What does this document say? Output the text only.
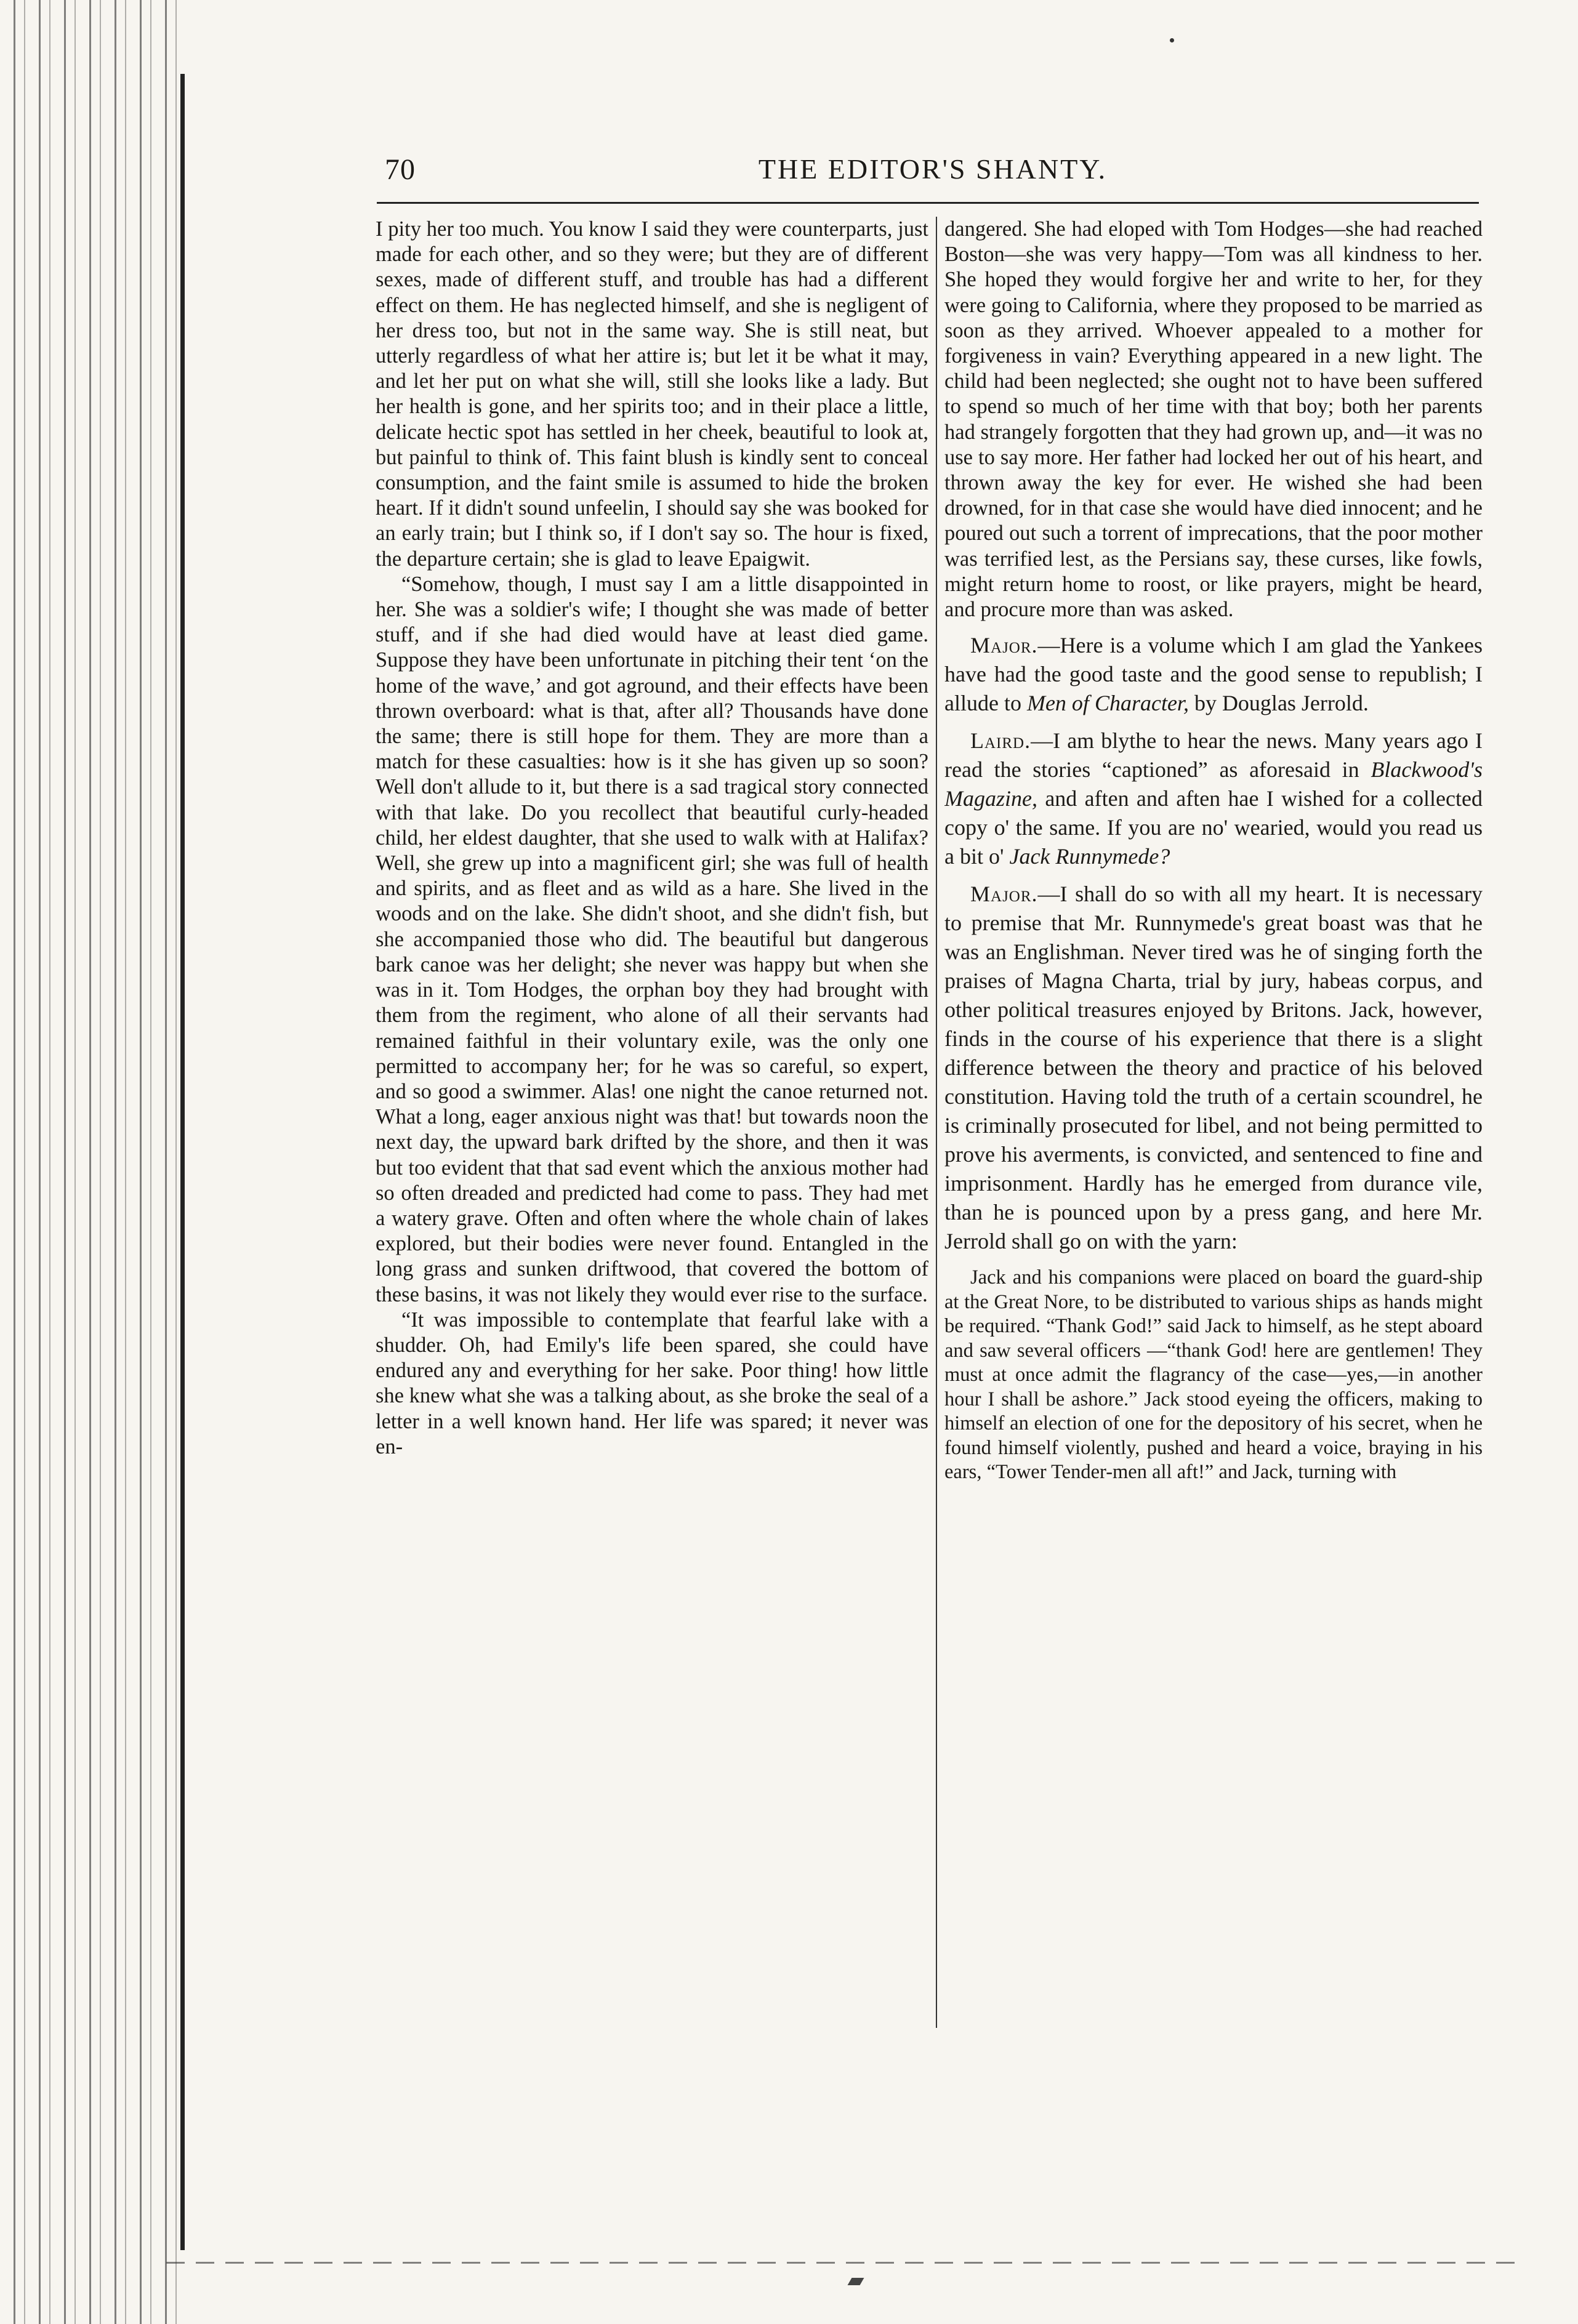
70	THE EDITOR'S SHANTY.

I pity her too much. You know I said they were counterparts, just made for each other, and so they were; but they are of different sexes, made of different stuff, and trouble has had a different effect on them. He has neglected himself, and she is negligent of her dress too, but not in the same way. She is still neat, but utterly regardless of what her attire is; but let it be what it may, and let her put on what she will, still she looks like a lady. But her health is gone, and her spirits too; and in their place a little, delicate hectic spot has settled in her cheek, beautiful to look at, but painful to think of. This faint blush is kindly sent to conceal consumption, and the faint smile is assumed to hide the broken heart. If it didn't sound unfeelin, I should say she was booked for an early train; but I think so, if I don't say so. The hour is fixed, the departure certain; she is glad to leave Epaigwit.

“Somehow, though, I must say I am a little disappointed in her. She was a soldier's wife; I thought she was made of better stuff, and if she had died would have at least died game. Suppose they have been unfortunate in pitching their tent ‘on the home of the wave,’ and got aground, and their effects have been thrown overboard: what is that, after all? Thousands have done the same; there is still hope for them. They are more than a match for these casualties: how is it she has given up so soon? Well don't allude to it, but there is a sad tragical story connected with that lake. Do you recollect that beautiful curly-headed child, her eldest daughter, that she used to walk with at Halifax? Well, she grew up into a magnificent girl; she was full of health and spirits, and as fleet and as wild as a hare. She lived in the woods and on the lake. She didn't shoot, and she didn't fish, but she accompanied those who did. The beautiful but dangerous bark canoe was her delight; she never was happy but when she was in it. Tom Hodges, the orphan boy they had brought with them from the regiment, who alone of all their servants had remained faithful in their voluntary exile, was the only one permitted to accompany her; for he was so careful, so expert, and so good a swimmer. Alas! one night the canoe returned not. What a long, eager anxious night was that! but towards noon the next day, the upward bark drifted by the shore, and then it was but too evident that that sad event which the anxious mother had so often dreaded and predicted had come to pass. They had met a watery grave. Often and often where the whole chain of lakes explored, but their bodies were never found. Entangled in the long grass and sunken driftwood, that covered the bottom of these basins, it was not likely they would ever rise to the surface.

“It was impossible to contemplate that fearful lake with a shudder. Oh, had Emily's life been spared, she could have endured any and everything for her sake. Poor thing! how little she knew what she was a talking about, as she broke the seal of a letter in a well known hand. Her life was spared; it never was en-

dangered. She had eloped with Tom Hodges—she had reached Boston—she was very happy—Tom was all kindness to her. She hoped they would forgive her and write to her, for they were going to California, where they proposed to be married as soon as they arrived. Whoever appealed to a mother for forgiveness in vain? Everything appeared in a new light. The child had been neglected; she ought not to have been suffered to spend so much of her time with that boy; both her parents had strangely forgotten that they had grown up, and—it was no use to say more. Her father had locked her out of his heart, and thrown away the key for ever. He wished she had been drowned, for in that case she would have died innocent; and he poured out such a torrent of imprecations, that the poor mother was terrified lest, as the Persians say, these curses, like fowls, might return home to roost, or like prayers, might be heard, and procure more than was asked.

Major.—Here is a volume which I am glad the Yankees have had the good taste and the good sense to republish; I allude to Men of Character, by Douglas Jerrold.

Laird.—I am blythe to hear the news. Many years ago I read the stories “captioned” as aforesaid in Blackwood's Magazine, and aften and aften hae I wished for a collected copy o' the same. If you are no' wearied, would you read us a bit o' Jack Runnymede?

Major.—I shall do so with all my heart. It is necessary to premise that Mr. Runnymede's great boast was that he was an Englishman. Never tired was he of singing forth the praises of Magna Charta, trial by jury, habeas corpus, and other political treasures enjoyed by Britons. Jack, however, finds in the course of his experience that there is a slight difference between the theory and practice of his beloved constitution. Having told the truth of a certain scoundrel, he is criminally prosecuted for libel, and not being permitted to prove his averments, is convicted, and sentenced to fine and imprisonment. Hardly has he emerged from durance vile, than he is pounced upon by a press gang, and here Mr. Jerrold shall go on with the yarn:

Jack and his companions were placed on board the guard-ship at the Great Nore, to be distributed to various ships as hands might be required. “Thank God!” said Jack to himself, as he stept aboard and saw several officers —“thank God! here are gentlemen! They must at once admit the flagrancy of the case—yes,—in another hour I shall be ashore.” Jack stood eyeing the officers, making to himself an election of one for the depository of his secret, when he found himself violently, pushed and heard a voice, braying in his ears, “Tower Tender-men all aft!” and Jack, turning with
